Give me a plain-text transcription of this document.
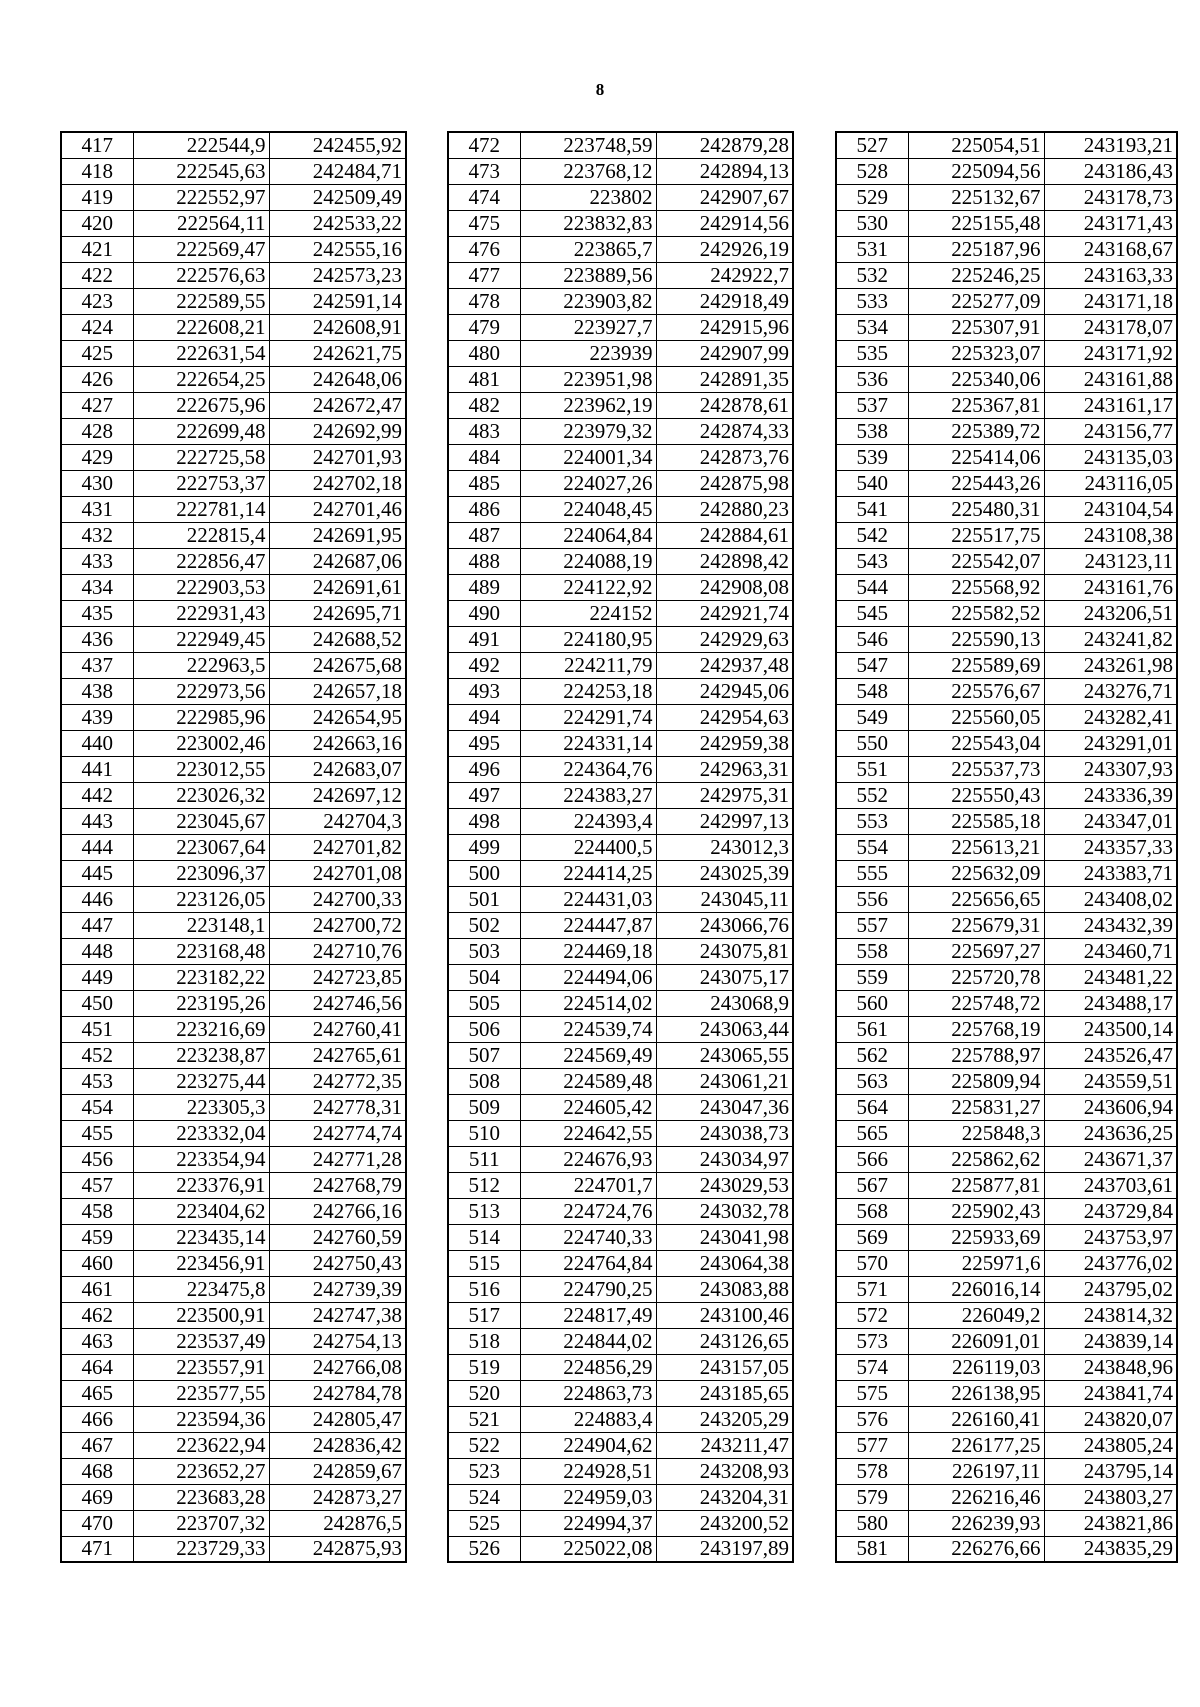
8
417	222544,9	242455,92
418	222545,63	242484,71
419	222552,97	242509,49
420	222564,11	242533,22
421	222569,47	242555,16
422	222576,63	242573,23
423	222589,55	242591,14
424	222608,21	242608,91
425	222631,54	242621,75
426	222654,25	242648,06
427	222675,96	242672,47
428	222699,48	242692,99
429	222725,58	242701,93
430	222753,37	242702,18
431	222781,14	242701,46
432	222815,4	242691,95
433	222856,47	242687,06
434	222903,53	242691,61
435	222931,43	242695,71
436	222949,45	242688,52
437	222963,5	242675,68
438	222973,56	242657,18
439	222985,96	242654,95
440	223002,46	242663,16
441	223012,55	242683,07
442	223026,32	242697,12
443	223045,67	242704,3
444	223067,64	242701,82
445	223096,37	242701,08
446	223126,05	242700,33
447	223148,1	242700,72
448	223168,48	242710,76
449	223182,22	242723,85
450	223195,26	242746,56
451	223216,69	242760,41
452	223238,87	242765,61
453	223275,44	242772,35
454	223305,3	242778,31
455	223332,04	242774,74
456	223354,94	242771,28
457	223376,91	242768,79
458	223404,62	242766,16
459	223435,14	242760,59
460	223456,91	242750,43
461	223475,8	242739,39
462	223500,91	242747,38
463	223537,49	242754,13
464	223557,91	242766,08
465	223577,55	242784,78
466	223594,36	242805,47
467	223622,94	242836,42
468	223652,27	242859,67
469	223683,28	242873,27
470	223707,32	242876,5
471	223729,33	242875,93
472	223748,59	242879,28
473	223768,12	242894,13
474	223802	242907,67
475	223832,83	242914,56
476	223865,7	242926,19
477	223889,56	242922,7
478	223903,82	242918,49
479	223927,7	242915,96
480	223939	242907,99
481	223951,98	242891,35
482	223962,19	242878,61
483	223979,32	242874,33
484	224001,34	242873,76
485	224027,26	242875,98
486	224048,45	242880,23
487	224064,84	242884,61
488	224088,19	242898,42
489	224122,92	242908,08
490	224152	242921,74
491	224180,95	242929,63
492	224211,79	242937,48
493	224253,18	242945,06
494	224291,74	242954,63
495	224331,14	242959,38
496	224364,76	242963,31
497	224383,27	242975,31
498	224393,4	242997,13
499	224400,5	243012,3
500	224414,25	243025,39
501	224431,03	243045,11
502	224447,87	243066,76
503	224469,18	243075,81
504	224494,06	243075,17
505	224514,02	243068,9
506	224539,74	243063,44
507	224569,49	243065,55
508	224589,48	243061,21
509	224605,42	243047,36
510	224642,55	243038,73
511	224676,93	243034,97
512	224701,7	243029,53
513	224724,76	243032,78
514	224740,33	243041,98
515	224764,84	243064,38
516	224790,25	243083,88
517	224817,49	243100,46
518	224844,02	243126,65
519	224856,29	243157,05
520	224863,73	243185,65
521	224883,4	243205,29
522	224904,62	243211,47
523	224928,51	243208,93
524	224959,03	243204,31
525	224994,37	243200,52
526	225022,08	243197,89
527	225054,51	243193,21
528	225094,56	243186,43
529	225132,67	243178,73
530	225155,48	243171,43
531	225187,96	243168,67
532	225246,25	243163,33
533	225277,09	243171,18
534	225307,91	243178,07
535	225323,07	243171,92
536	225340,06	243161,88
537	225367,81	243161,17
538	225389,72	243156,77
539	225414,06	243135,03
540	225443,26	243116,05
541	225480,31	243104,54
542	225517,75	243108,38
543	225542,07	243123,11
544	225568,92	243161,76
545	225582,52	243206,51
546	225590,13	243241,82
547	225589,69	243261,98
548	225576,67	243276,71
549	225560,05	243282,41
550	225543,04	243291,01
551	225537,73	243307,93
552	225550,43	243336,39
553	225585,18	243347,01
554	225613,21	243357,33
555	225632,09	243383,71
556	225656,65	243408,02
557	225679,31	243432,39
558	225697,27	243460,71
559	225720,78	243481,22
560	225748,72	243488,17
561	225768,19	243500,14
562	225788,97	243526,47
563	225809,94	243559,51
564	225831,27	243606,94
565	225848,3	243636,25
566	225862,62	243671,37
567	225877,81	243703,61
568	225902,43	243729,84
569	225933,69	243753,97
570	225971,6	243776,02
571	226016,14	243795,02
572	226049,2	243814,32
573	226091,01	243839,14
574	226119,03	243848,96
575	226138,95	243841,74
576	226160,41	243820,07
577	226177,25	243805,24
578	226197,11	243795,14
579	226216,46	243803,27
580	226239,93	243821,86
581	226276,66	243835,29
